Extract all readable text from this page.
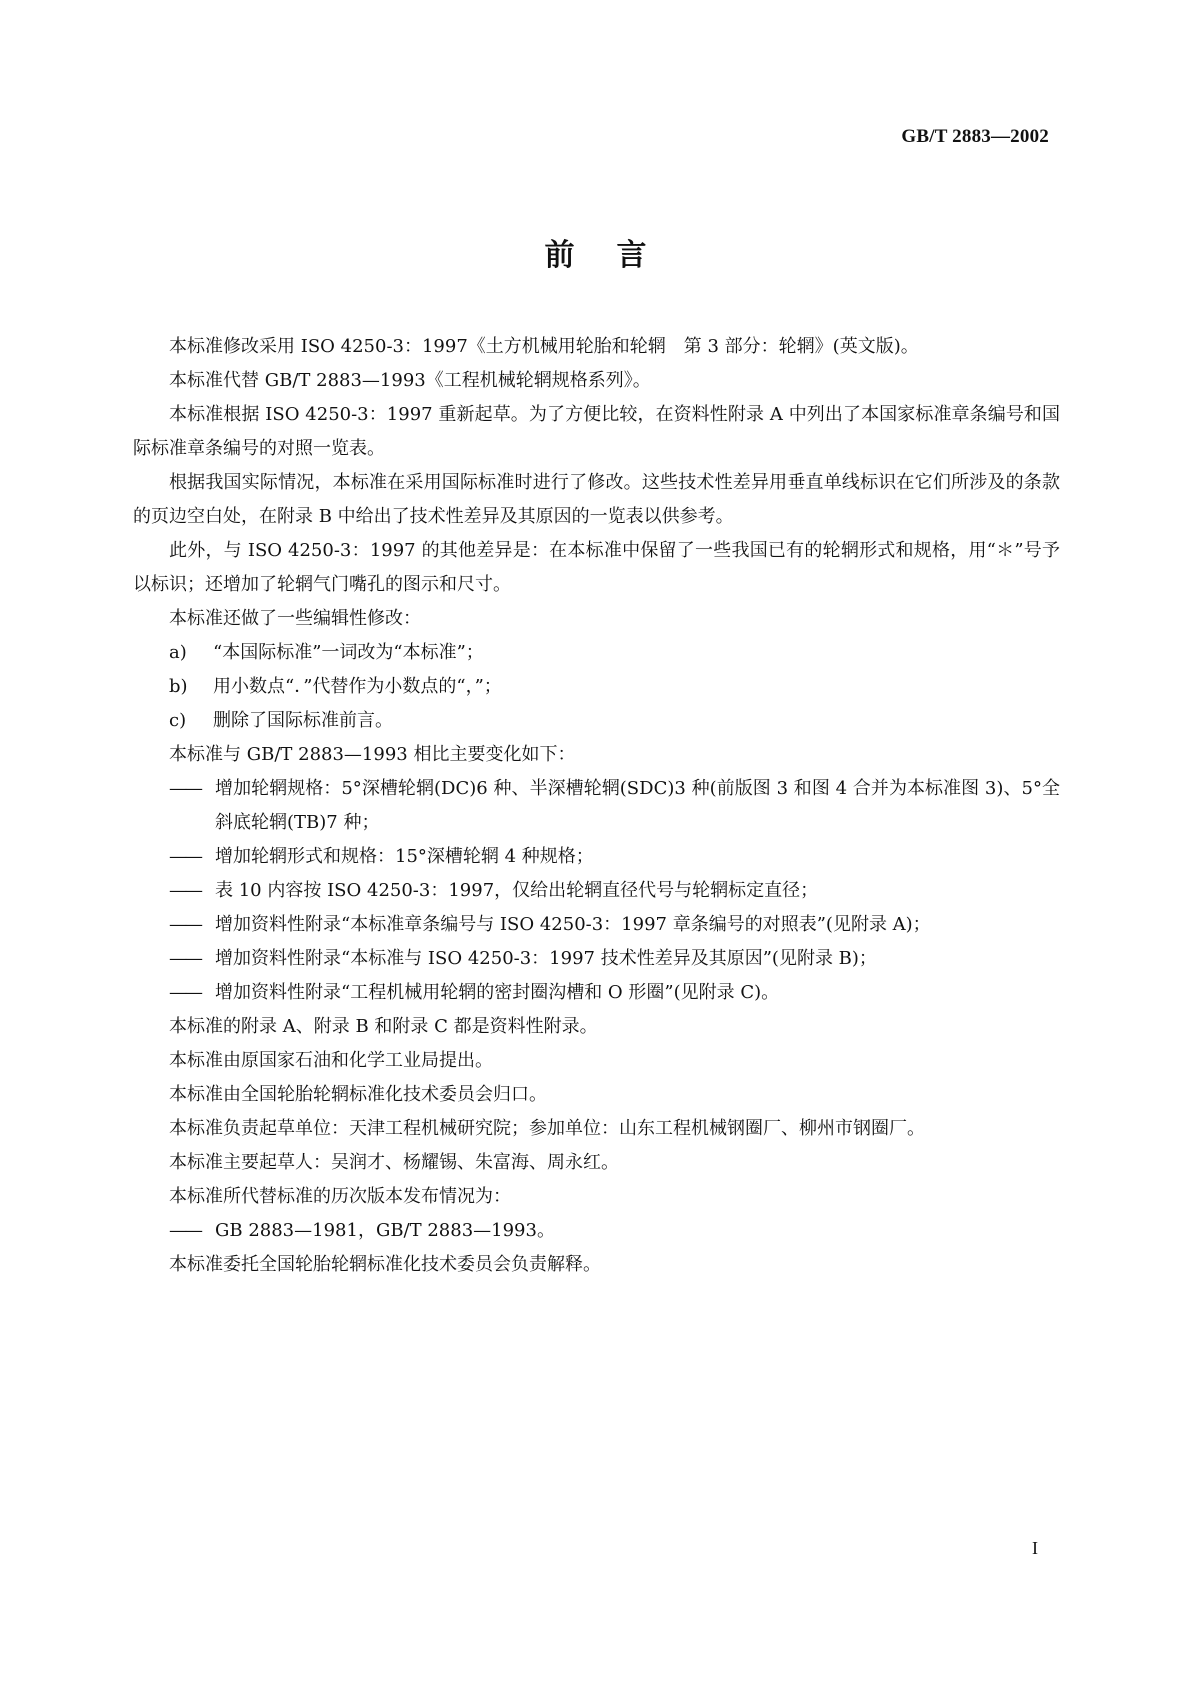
GB/T 2883—2002
前言

本标准修改采用 ISO 4250-3：1997《土方机械用轮胎和轮辋　第 3 部分：轮辋》(英文版)。

本标准代替 GB/T 2883—1993《工程机械轮辋规格系列》。

本标准根据 ISO 4250-3：1997 重新起草。为了方便比较，在资料性附录 A 中列出了本国家标准章条编号和国际标准章条编号的对照一览表。

根据我国实际情况，本标准在采用国际标准时进行了修改。这些技术性差异用垂直单线标识在它们所涉及的条款的页边空白处，在附录 B 中给出了技术性差异及其原因的一览表以供参考。

此外，与 ISO 4250-3：1997 的其他差异是：在本标准中保留了一些我国已有的轮辋形式和规格，用“＊”号予以标识；还增加了轮辋气门嘴孔的图示和尺寸。

本标准还做了一些编辑性修改：

a)	“本国际标准”一词改为“本标准”；
b)	用小数点“．”代替作为小数点的“，”；
c)	删除了国际标准前言。

本标准与 GB/T 2883—1993 相比主要变化如下：

—— 增加轮辋规格：5°深槽轮辋(DC)6 种、半深槽轮辋(SDC)3 种(前版图 3 和图 4 合并为本标准图 3)、5°全斜底轮辋(TB)7 种；

—— 增加轮辋形式和规格：15°深槽轮辋 4 种规格；

—— 表 10 内容按 ISO 4250-3：1997，仅给出轮辋直径代号与轮辋标定直径；

—— 增加资料性附录“本标准章条编号与 ISO 4250-3：1997 章条编号的对照表”(见附录 A)；

—— 增加资料性附录“本标准与 ISO 4250-3：1997 技术性差异及其原因”(见附录 B)；

—— 增加资料性附录“工程机械用轮辋的密封圈沟槽和 O 形圈”(见附录 C)。

本标准的附录 A、附录 B 和附录 C 都是资料性附录。

本标准由原国家石油和化学工业局提出。

本标准由全国轮胎轮辋标准化技术委员会归口。

本标准负责起草单位：天津工程机械研究院；参加单位：山东工程机械钢圈厂、柳州市钢圈厂。

本标准主要起草人：吴润才、杨耀锡、朱富海、周永红。

本标准所代替标准的历次版本发布情况为：

—— GB 2883—1981，GB/T 2883—1993。

本标准委托全国轮胎轮辋标准化技术委员会负责解释。

I
